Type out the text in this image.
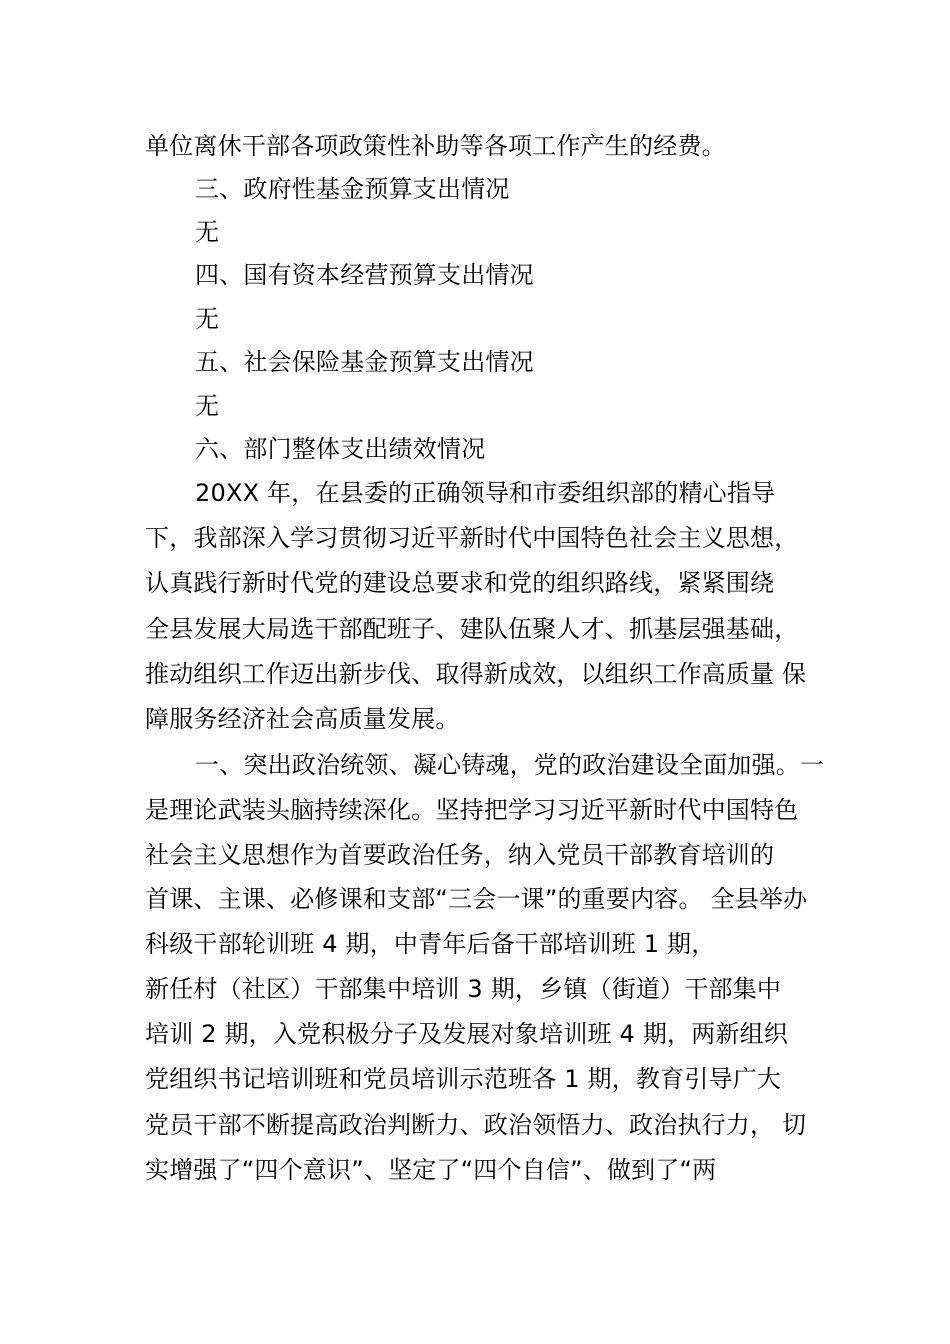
单位离休干部各项政策性补助等各项工作产生的经费。
三、政府性基金预算支出情况
无
四、国有资本经营预算支出情况
无
五、社会保险基金预算支出情况
无
六、部门整体支出绩效情况
20XX 年，在县委的正确领导和市委组织部的精心指导
下，我部深入学习贯彻习近平新时代中国特色社会主义思想，
认真践行新时代党的建设总要求和党的组织路线，紧紧围绕
全县发展大局选干部配班子、建队伍聚人才、抓基层强基础，
推动组织工作迈出新步伐、取得新成效，以组织工作高质量 保
障服务经济社会高质量发展。
一、突出政治统领、凝心铸魂，党的政治建设全面加强。一
是理论武装头脑持续深化。坚持把学习习近平新时代中国特色
社会主义思想作为首要政治任务，纳入党员干部教育培训的
首课、主课、必修课和支部“三会一课”的重要内容。 全县举办
科级干部轮训班 4 期，中青年后备干部培训班 1 期，
新任村（社区）干部集中培训 3 期，乡镇（街道）干部集中
培训 2 期，入党积极分子及发展对象培训班 4 期，两新组织
党组织书记培训班和党员培训示范班各 1 期，教育引导广大
党员干部不断提高政治判断力、政治领悟力、政治执行力， 切
实增强了“四个意识”、坚定了“四个自信”、做到了“两
